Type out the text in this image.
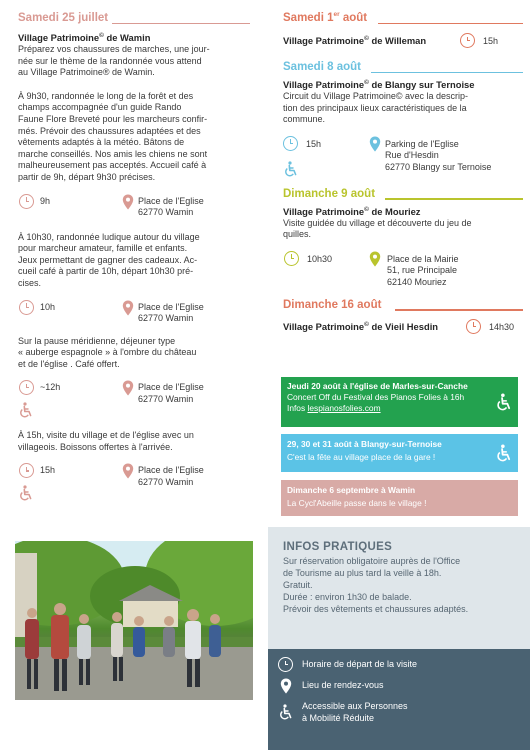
Samedi 25 juillet
Village Patrimoine© de Wamin
Préparez vos chaussures de marches, une jour-
née sur le thème de la randonnée vous attend
au Village Patrimoine® de Wamin.
À 9h30, randonnée le long de la forêt et des
champs accompagnée d'un guide Rando
Faune Flore Breveté pour les marcheurs confir-
més. Prévoir des chaussures adaptées et des
vêtements adaptés à la météo. Bâtons de
marche conseillés. Nos amis les chiens ne sont
malheureusement pas acceptés. Accueil café à
partir de 9h, départ 9h30 précises.
9h	Place de l'Eglise
62770 Wamin
À 10h30, randonnée ludique autour du village
pour marcheur amateur, famille et enfants.
Jeux permettant de gagner des cadeaux. Ac-
cueil café à partir de 10h, départ 10h30 pré-
cises.
10h	Place de l'Eglise
62770 Wamin
Sur la pause méridienne, déjeuner type
« auberge espagnole » à l'ombre du château
et de l'église . Café offert.
~12h	Place de l'Eglise
62770 Wamin
À 15h, visite du village et de l'église avec un
villageois. Boissons offertes à l'arrivée.
15h	Place de l'Eglise
62770 Wamin
Samedi 1er août
Village Patrimoine© de Willeman	15h
Samedi 8 août
Village Patrimoine© de Blangy sur Ternoise
Circuit du Village Patrimoine© avec la descrip-
tion des principaux lieux caractéristiques de la
commune.
15h	Parking de l'Eglise
Rue d'Hesdin
62770 Blangy sur Ternoise
Dimanche 9 août
Village Patrimoine© de Mouriez
Visite guidée du village et découverte du jeu de
quilles.
10h30	Place de la Mairie
51, rue Principale
62140 Mouriez
Dimanche 16 août
Village Patrimoine© de Vieil Hesdin	14h30
Jeudi 20 août à l'église de Marles-sur-Canche
Concert Off du Festival des Pianos Folies à 16h
Infos lespianosfolies.com
29, 30 et 31 août à Blangy-sur-Ternoise
C'est la fête au village place de la gare !
Dimanche 6 septembre à Wamin
La Cycl'Abeille passe dans le village !
INFOS PRATIQUES
Sur réservation obligatoire auprès de l'Office
de Tourisme au plus tard la veille à 18h.
Gratuit.
Durée : environ 1h30 de balade.
Prévoir des vêtements et chaussures adaptés.
Horaire de départ de la visite
Lieu de rendez-vous
Accessible aux Personnes
à Mobilité Réduite
